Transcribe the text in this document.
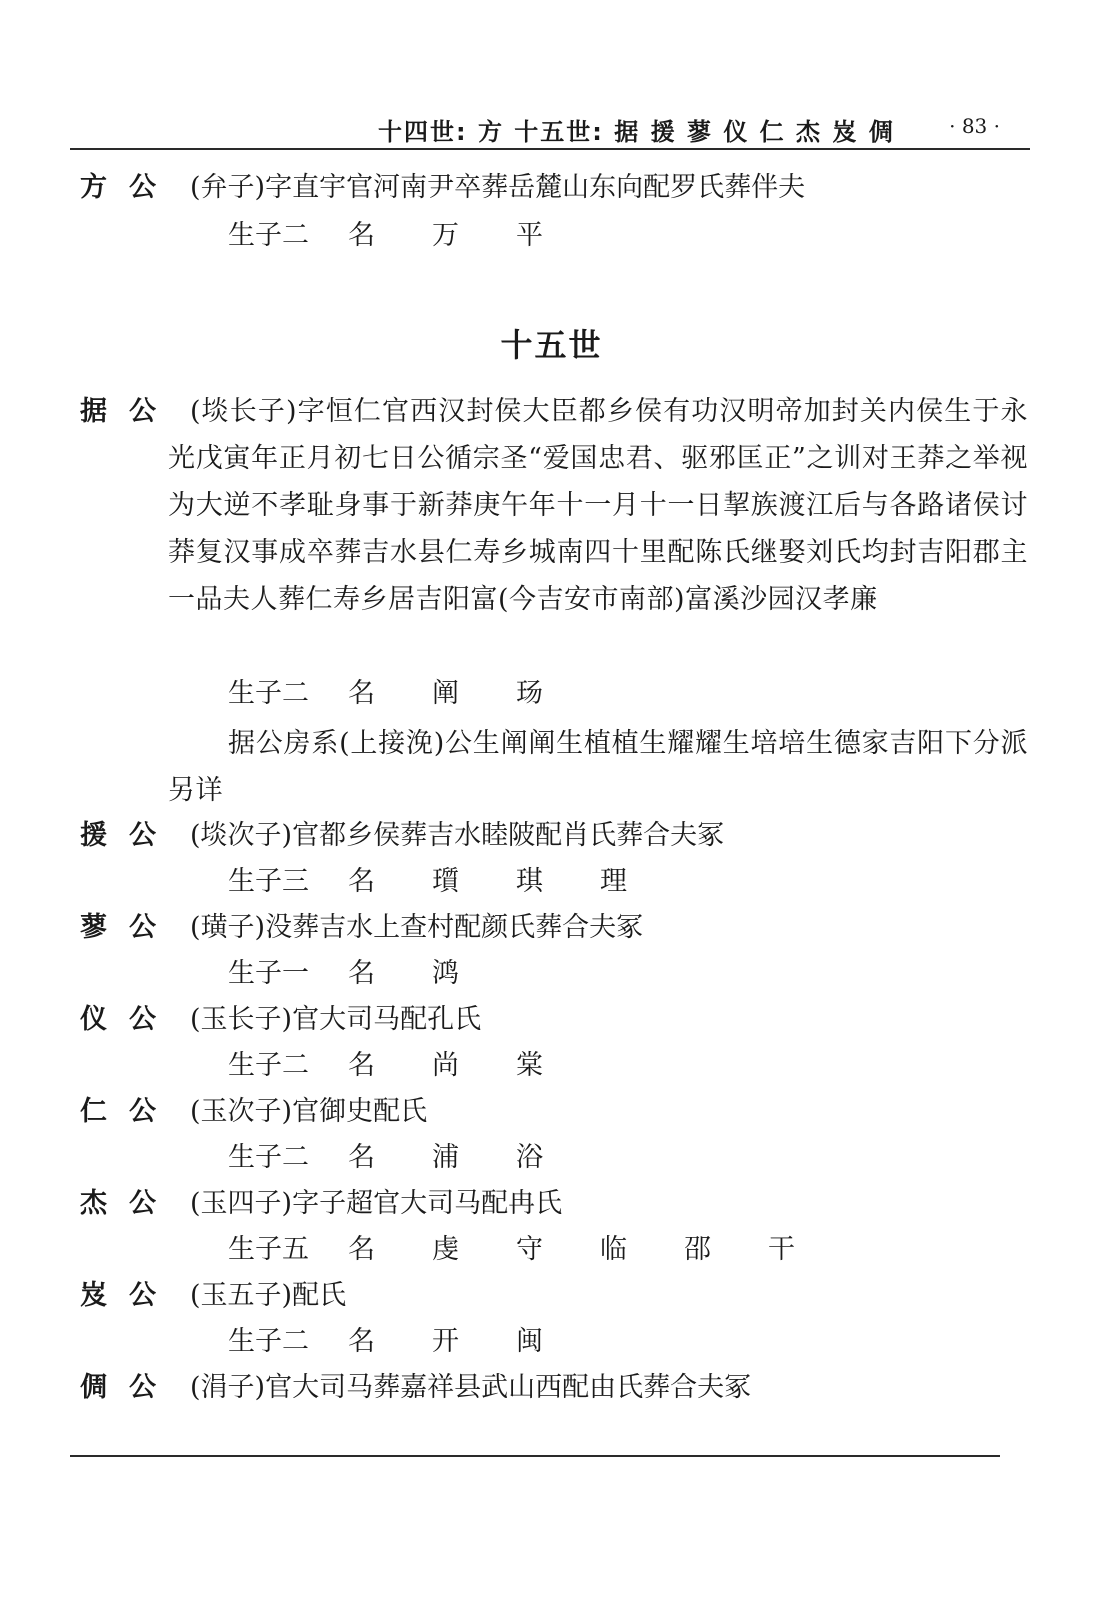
十四世: 方 十五世: 据 援 蓼 仪 仁 杰 岌 倜	· 83 ·
方公 (弁子)字直宇官河南尹卒葬岳麓山东向配罗氏葬伴夫
生子二 名 万 平
十五世
据公 (埮长子)字恒仁官西汉封侯大臣都乡侯有功汉明帝加封关内侯生于永光戊寅年正月初七日公循宗圣“爱国忠君、驱邪匡正”之训对王莽之举视为大逆不孝耻身事于新莽庚午年十一月十一日挈族渡江后与各路诸侯讨莽复汉事成卒葬吉水县仁寿乡城南四十里配陈氏继娶刘氏均封吉阳郡主一品夫人葬仁寿乡居吉阳富(今吉安市南部)富溪沙园汉孝廉
生子二 名 阐 玚
据公房系(上接浼)公生阐阐生植植生耀耀生培培生德家吉阳下分派另详
援公 (埮次子)官都乡侯葬吉水睦陂配肖氏葬合夫冢
生子三 名 瓆 琪 理
蓼公 (璜子)没葬吉水上查村配颜氏葬合夫冢
生子一 名 鸿
仪公 (玉长子)官大司马配孔氏
生子二 名 尚 棠
仁公 (玉次子)官御史配氏
生子二 名 浦 浴
杰公 (玉四子)字子超官大司马配冉氏
生子五 名 虔 守 临 邵 干
岌公 (玉五子)配氏
生子二 名 开 闽
倜公 (涓子)官大司马葬嘉祥县武山西配由氏葬合夫冢
